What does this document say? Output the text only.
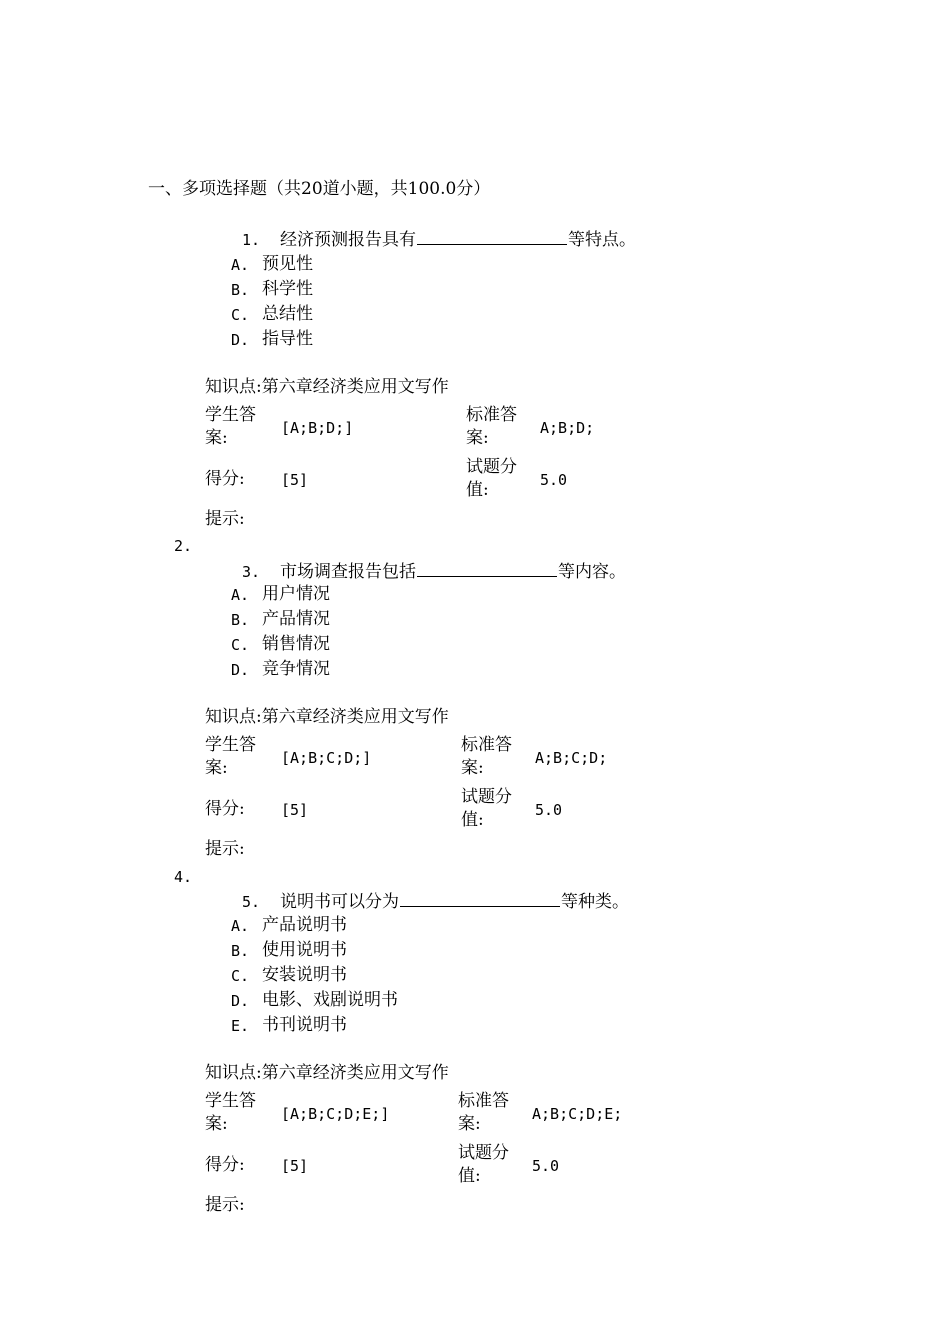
一、多项选择题（共20道小题，共100.0分）
1. 经济预测报告具有	等特点。
A. 预见性
B. 科学性
C. 总结性
D. 指导性
知识点:第六章经济类应用文写作
学生答
案:	[A;B;D;]
标准答
案:	A;B;D;
得分: [5]
试题分
值:	5.0
提示:
2.
3. 市场调查报告包括	等内容。
A. 用户情况
B. 产品情况
C. 销售情况
D. 竞争情况
知识点:第六章经济类应用文写作
学生答
案:	[A;B;C;D;]
标准答
案:	A;B;C;D;
得分: [5]
试题分
值:	5.0
提示:
4.
5. 说明书可以分为	等种类。
A. 产品说明书
B. 使用说明书
C. 安装说明书
D. 电影、戏剧说明书
E. 书刊说明书
知识点:第六章经济类应用文写作
学生答
案:	[A;B;C;D;E;]
标准答
案:	A;B;C;D;E;
得分: [5]
试题分
值:	5.0
提示:
